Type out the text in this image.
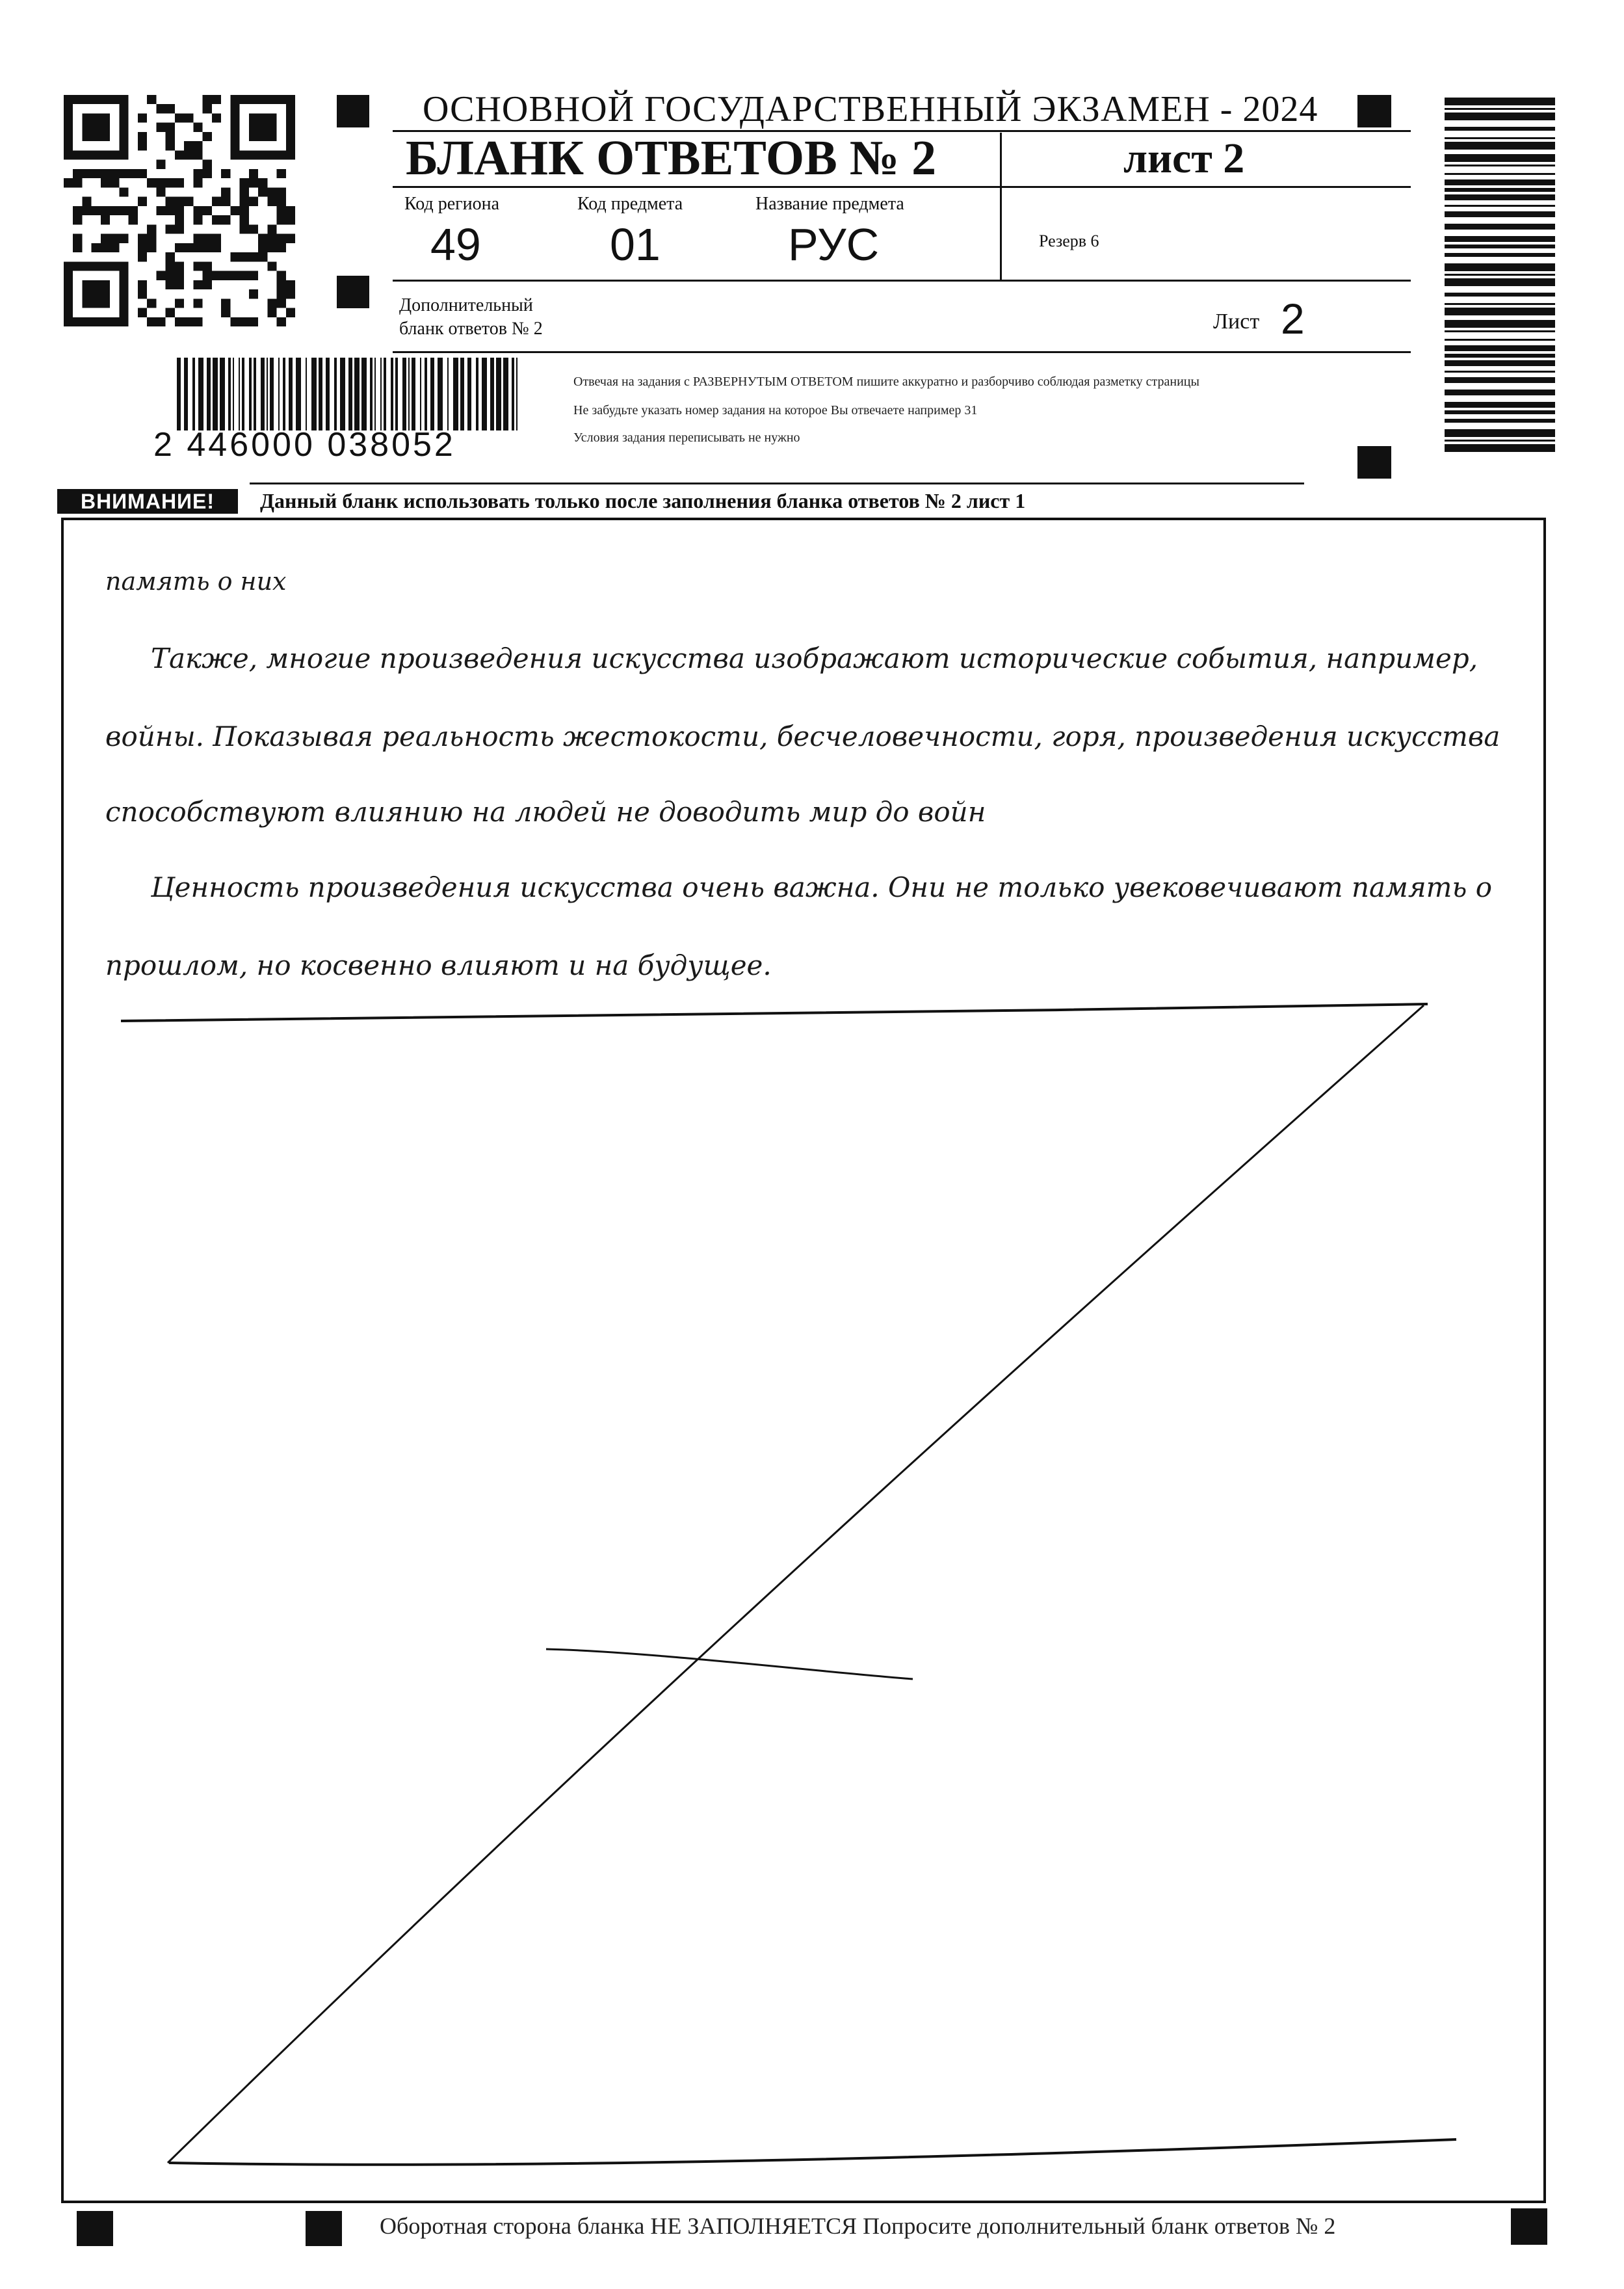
ОСНОВНОЙ ГОСУДАРСТВЕННЫЙ ЭКЗАМЕН - 2024
БЛАНК ОТВЕТОВ № 2	лист 2
Код региона
49
Код предмета
01
Название предмета
РУС	Резерв 6
Дополнительный
бланк ответов № 2	Лист 2
2 446000 038052
Отвечая на задания с РАЗВЕРНУТЫМ ОТВЕТОМ пишите аккуратно и разборчиво соблюдая разметку страницы
Не забудьте указать номер задания на которое Вы отвечаете например 31
Условия задания переписывать не нужно
ВНИМАНИЕ!	Данный бланк использовать только после заполнения бланка ответов № 2 лист 1
память о них
Также, многие произведения искусства изображают исторические события, например,
войны. Показывая реальность жестокости, бесчеловечности, горя, произведения искусства
способствуют влиянию на людей не доводить мир до войн
Ценность произведения искусства очень важна. Они не только увековечивают память о
прошлом, но косвенно влияют и на будущее.
Оборотная сторона бланка НЕ ЗАПОЛНЯЕТСЯ Попросите дополнительный бланк ответов № 2
